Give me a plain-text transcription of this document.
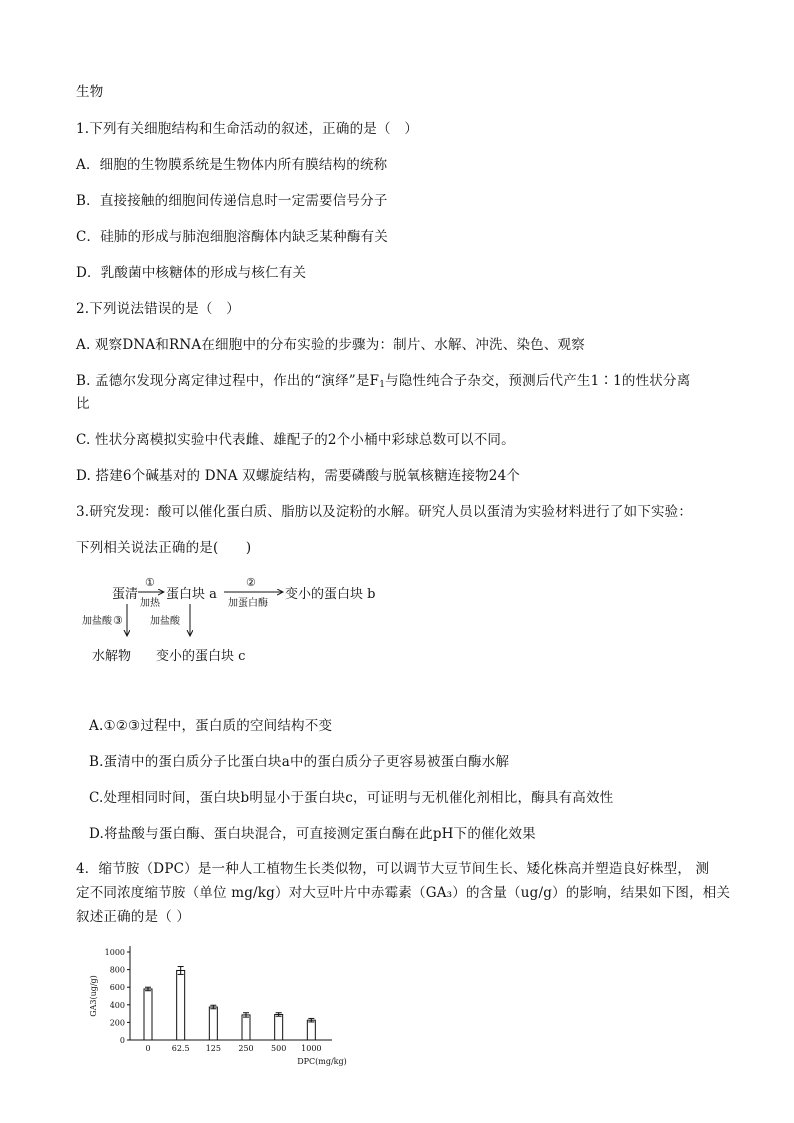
生物
1.下列有关细胞结构和生命活动的叙述，正确的是（　）
A．细胞的生物膜系统是生物体内所有膜结构的统称
B．直接接触的细胞间传递信息时一定需要信号分子
C．硅肺的形成与肺泡细胞溶酶体内缺乏某种酶有关
D．乳酸菌中核糖体的形成与核仁有关
2.下列说法错误的是（　）
A. 观察DNA和RNA在细胞中的分布实验的步骤为：制片、水解、冲洗、染色、观察
B. 孟德尔发现分离定律过程中，作出的“演绎”是$F_1$与隐性纯合子杂交，预测后代产生1∶1的性状分离
比
C. 性状分离模拟实验中代表雌、雄配子的2个小桶中彩球总数可以不同。
D. 搭建6个碱基对的 DNA 双螺旋结构，需要磷酸与脱氧核糖连接物24个
3.研究发现：酸可以催化蛋白质、脂肪以及淀粉的水解。研究人员以蛋清为实验材料进行了如下实验：
下列相关说法正确的是(　　)
蛋清
①
加热
蛋白块 a
②
加蛋白酶
变小的蛋白块 b
加盐酸 ③	加盐酸
水解物 变小的蛋白块 c
A.①②③过程中，蛋白质的空间结构不变
B.蛋清中的蛋白质分子比蛋白块a中的蛋白质分子更容易被蛋白酶水解
C.处理相同时间，蛋白块b明显小于蛋白块c，可证明与无机催化剂相比，酶具有高效性
D.将盐酸与蛋白酶、蛋白块混合，可直接测定蛋白酶在此pH下的催化效果
4．缩节胺（DPC）是一种人工植物生长类似物，可以调节大豆节间生长、矮化株高并塑造良好株型， 测
定不同浓度缩节胺（单位 mg/kg）对大豆叶片中赤霉素（GA₃）的含量（ug/g）的影响，结果如下图，相关
叙述正确的是（ ）
0
200
400
600
800
1000
GA3(ug/g)
0	62.5 125 250 500 1000
DPC(mg/kg)
